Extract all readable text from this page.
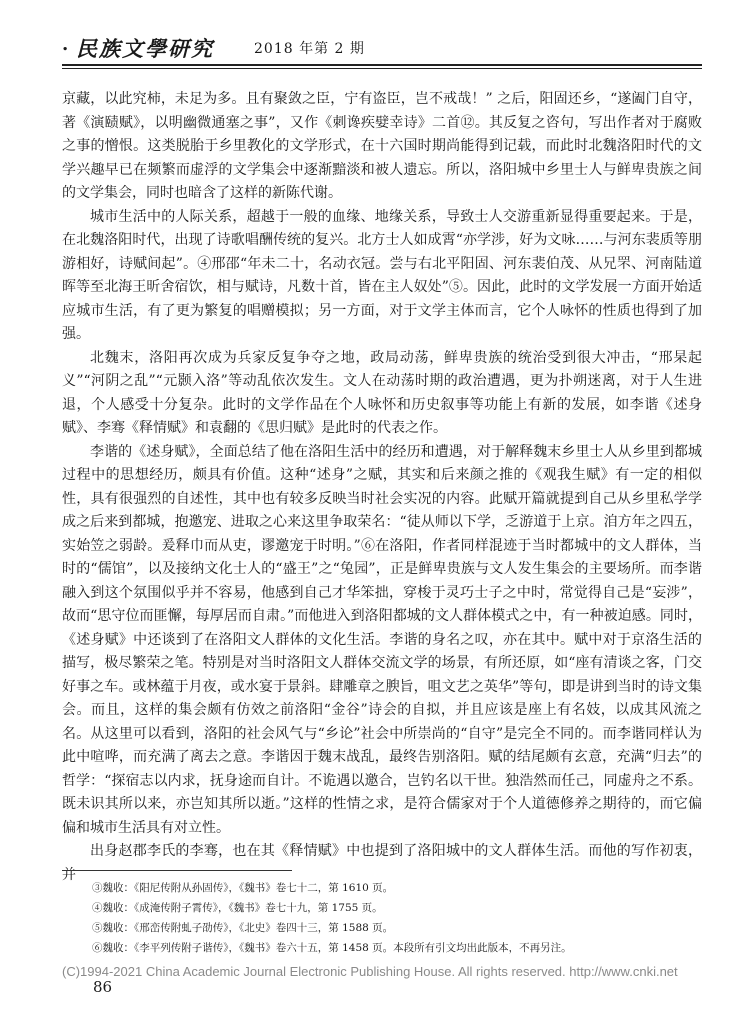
. 民族文學研究	2018 年第 2 期

京藏，以此究柿，未足为多。且有聚敛之臣，宁有盗臣，岂不戒哉！” 之后，阳固还乡，“遂阖门自守，著《演赜赋》，以明幽微通塞之事”，又作《刺谗疾嬖幸诗》二首⑫。其反复之咨句，写出作者对于腐败之事的憎恨。这类脱胎于乡里教化的文学形式，在十六国时期尚能得到记载，而此时北魏洛阳时代的文学兴趣早已在频繁而虚浮的文学集会中逐渐黯淡和被人遗忘。所以，洛阳城中乡里士人与鲜卑贵族之间的文学集会，同时也暗含了这样的新陈代谢。

城市生活中的人际关系，超越于一般的血缘、地缘关系，导致士人交游重新显得重要起来。于是，在北魏洛阳时代，出现了诗歌唱酬传统的复兴。北方士人如成霄“亦学涉，好为文咏……与河东裴质等朋游相好，诗赋间起”。④邢邵“年未二十，名动衣冠。尝与右北平阳固、河东裴伯茂、从兄罘、河南陆道晖等至北海王昕舍宿饮，相与赋诗，凡数十首，皆在主人奴处”⑤。因此，此时的文学发展一方面开始适应城市生活，有了更为繁复的唱赠模拟；另一方面，对于文学主体而言，它个人咏怀的性质也得到了加强。

北魏末，洛阳再次成为兵家反复争夺之地，政局动荡，鲜卑贵族的统治受到很大冲击，“邢杲起义”“河阴之乱”“元颢入洛”等动乱依次发生。文人在动荡时期的政治遭遇，更为扑朔迷离，对于人生进退，个人感受十分复杂。此时的文学作品在个人咏怀和历史叙事等功能上有新的发展，如李谐《述身赋》、李骞《释情赋》和袁翻的《思归赋》是此时的代表之作。

李谐的《述身赋》，全面总结了他在洛阳生活中的经历和遭遇，对于解释魏末乡里士人从乡里到都城过程中的思想经历，颇具有价值。这种“述身”之赋，其实和后来颜之推的《观我生赋》有一定的相似性，具有很强烈的自述性，其中也有较多反映当时社会实况的内容。此赋开篇就提到自己从乡里私学学成之后来到都城，抱邀宠、进取之心来这里争取荣名：“徒从师以下学，乏游道于上京。洎方年之四五，实始笠之弱龄。爰释巾而从吏，谬邀宠于时明。”⑥在洛阳，作者同样混迹于当时都城中的文人群体，当时的“儒馆”，以及接纳文化士人的“盛王”之“兔园”，正是鲜卑贵族与文人发生集会的主要场所。而李谐融入到这个氛围似乎并不容易，他感到自己才华笨拙，穿梭于灵巧士子之中时，常觉得自己是“妄涉”，故而“思守位而匪懈，每厚居而自肃。”而他进入到洛阳都城的文人群体模式之中，有一种被迫感。同时，《述身赋》中还谈到了在洛阳文人群体的文化生活。李谐的身名之叹，亦在其中。赋中对于京洛生活的描写，极尽繁荣之笔。特别是对当时洛阳文人群体交流文学的场景，有所还原，如“座有清谈之客，门交好事之车。或林蕴于月夜，或水宴于景斜。肆雕章之腴旨，咀文艺之英华”等句，即是讲到当时的诗文集会。而且，这样的集会颇有仿效之前洛阳“金谷”诗会的自拟，并且应该是座上有名妓，以成其风流之名。从这里可以看到，洛阳的社会风气与“乡论”社会中所崇尚的“自守”是完全不同的。而李谐同样认为此中喧哗，而充满了离去之意。李谐因于魏末战乱，最终告别洛阳。赋的结尾颇有玄意，充满“归去”的哲学：“探宿志以内求，抚身途而自计。不诡遇以邀合，岂钓名以干世。独浩然而任己，同虚舟之不系。既未识其所以来，亦岂知其所以逝。”这样的性情之求，是符合儒家对于个人道德修养之期待的，而它偏偏和城市生活具有对立性。

出身赵郡李氏的李骞，也在其《释情赋》中也提到了洛阳城中的文人群体生活。而他的写作初衷，并

③魏收：《阳尼传附从孙固传》，《魏书》卷七十二，第 1610 页。
④魏收：《成淹传附子霄传》，《魏书》卷七十九，第 1755 页。
⑤魏收：《邢峦传附虬子劭传》，《北史》卷四十三，第 1588 页。
⑥魏收：《李平列传附子谐传》，《魏书》卷六十五，第 1458 页。本段所有引文均出此版本，不再另注。
(C)1994-2021 China Academic Journal Electronic Publishing House. All rights reserved. http://www.cnki.net
86
